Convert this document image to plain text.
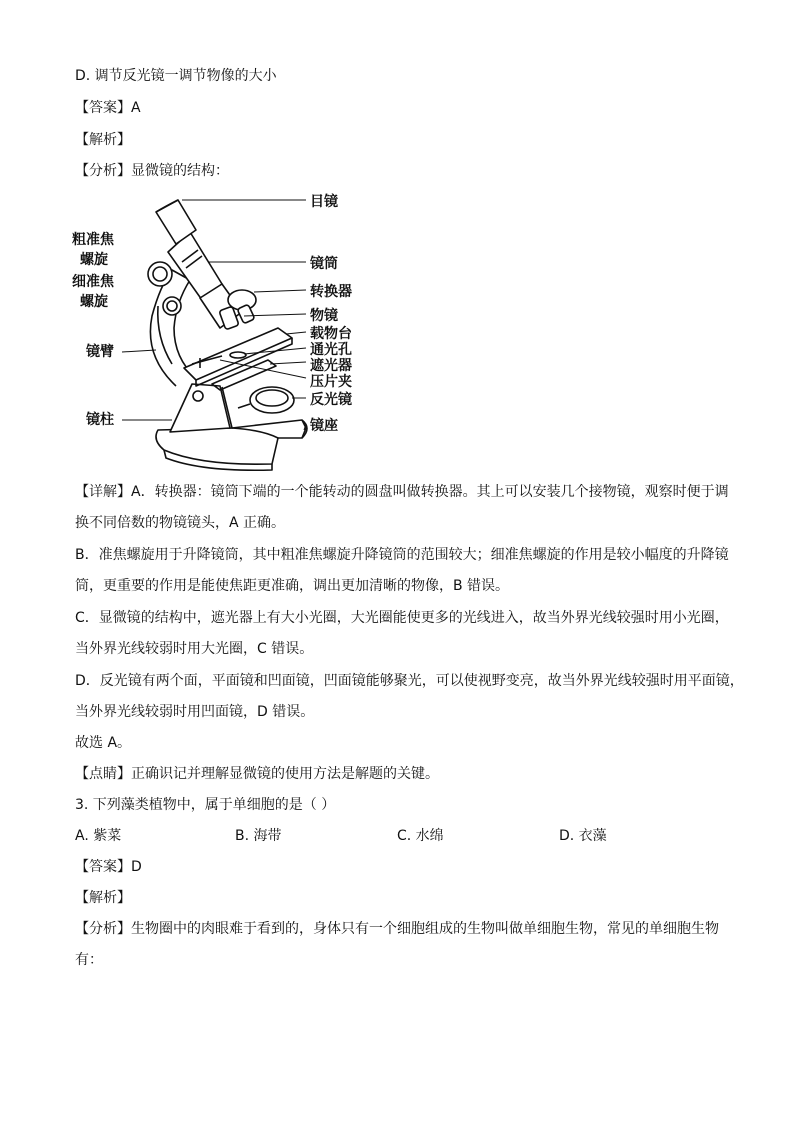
D. 调节反光镜一调节物像的大小
【答案】A
【解析】
【分析】显微镜的结构：
目镜
镜筒
转换器
物镜
载物台
通光孔
遮光器
压片夹
反光镜
镜座
粗准焦
螺旋
细准焦
螺旋
镜臂
镜柱
【详解】A．转换器：镜筒下端的一个能转动的圆盘叫做转换器。其上可以安装几个接物镜，观察时便于调
换不同倍数的物镜镜头，A 正确。
B．准焦螺旋用于升降镜筒，其中粗准焦螺旋升降镜筒的范围较大；细准焦螺旋的作用是较小幅度的升降镜
筒，更重要的作用是能使焦距更准确，调出更加清晰的物像，B 错误。
C．显微镜的结构中，遮光器上有大小光圈，大光圈能使更多的光线进入，故当外界光线较强时用小光圈，
当外界光线较弱时用大光圈，C 错误。
D．反光镜有两个面，平面镜和凹面镜，凹面镜能够聚光，可以使视野变亮，故当外界光线较强时用平面镜，
当外界光线较弱时用凹面镜，D 错误。
故选 A。
【点睛】正确识记并理解显微镜的使用方法是解题的关键。
3. 下列藻类植物中，属于单细胞的是（ ）
A. 紫菜	B. 海带	C. 水绵	D. 衣藻
【答案】D
【解析】
【分析】生物圈中的肉眼难于看到的，身体只有一个细胞组成的生物叫做单细胞生物，常见的单细胞生物
有：
